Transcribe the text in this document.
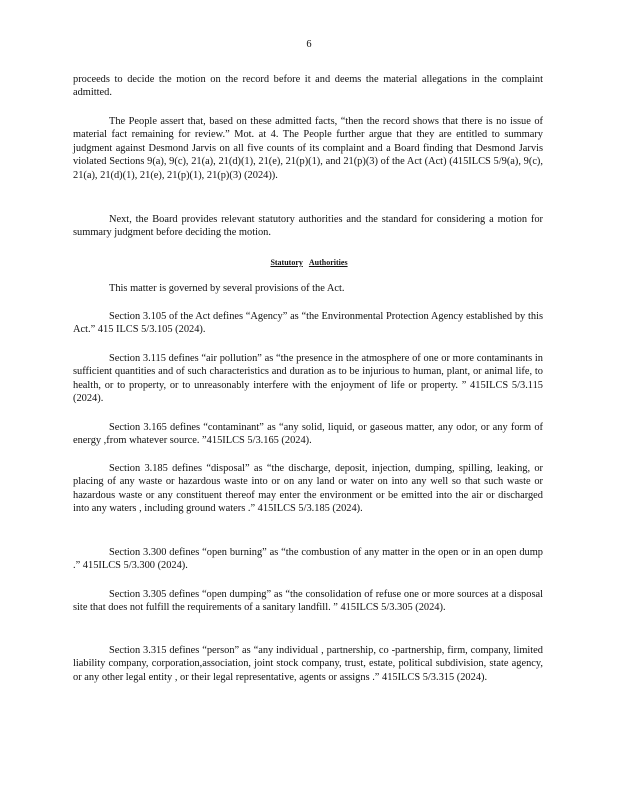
6
proceeds to decide the motion on the record before it and deems the material allegations in the complaint admitted.
The People assert that, based on these admitted facts, “then the record shows that there is no issue of material fact remaining for review.” Mot. at 4. The People further argue that they are entitled to summary judgment against Desmond Jarvis on all five counts of its complaint and a Board finding that Desmond Jarvis violated Sections 9(a), 9(c), 21(a), 21(d)(1), 21(e), 21(p)(1), and 21(p)(3) of the Act (Act) (415ILCS 5/9(a), 9(c), 21(a), 21(d)(1), 21(e), 21(p)(1), 21(p)(3) (2024)).
Next, the Board provides relevant statutory authorities and the standard for considering a motion for summary judgment before deciding the motion.
Statutory Authorities
This matter is governed by several provisions of the Act.
Section 3.105 of the Act defines “Agency” as “the Environmental Protection Agency established by this Act.” 415 ILCS 5/3.105 (2024).
Section 3.115 defines “air pollution” as “the presence in the atmosphere of one or more contaminants in sufficient quantities and of such characteristics and duration as to be injurious to human, plant, or animal life, to health, or to property, or to unreasonably interfere with the enjoyment of life or property. ” 415ILCS 5/3.115 (2024).
Section 3.165 defines “contaminant” as “any solid, liquid, or gaseous matter, any odor, or any form of energy ,from whatever source. ”415ILCS 5/3.165 (2024).
Section 3.185 defines “disposal” as “the discharge, deposit, injection, dumping, spilling, leaking, or placing of any waste or hazardous waste into or on any land or water on into any well so that such waste or hazardous waste or any constituent thereof may enter the environment or be emitted into the air or discharged into any waters , including ground waters .” 415ILCS 5/3.185 (2024).
Section 3.300 defines “open burning” as “the combustion of any matter in the open or in an open dump .” 415ILCS 5/3.300 (2024).
Section 3.305 defines “open dumping” as “the consolidation of refuse one or more sources at a disposal site that does not fulfill the requirements of a sanitary landfill. ” 415ILCS 5/3.305 (2024).
Section 3.315 defines “person” as “any individual , partnership, co -partnership, firm, company, limited liability company, corporation,association, joint stock company, trust, estate, political subdivision, state agency, or any other legal entity , or their legal representative, agents or assigns .” 415ILCS 5/3.315 (2024).
